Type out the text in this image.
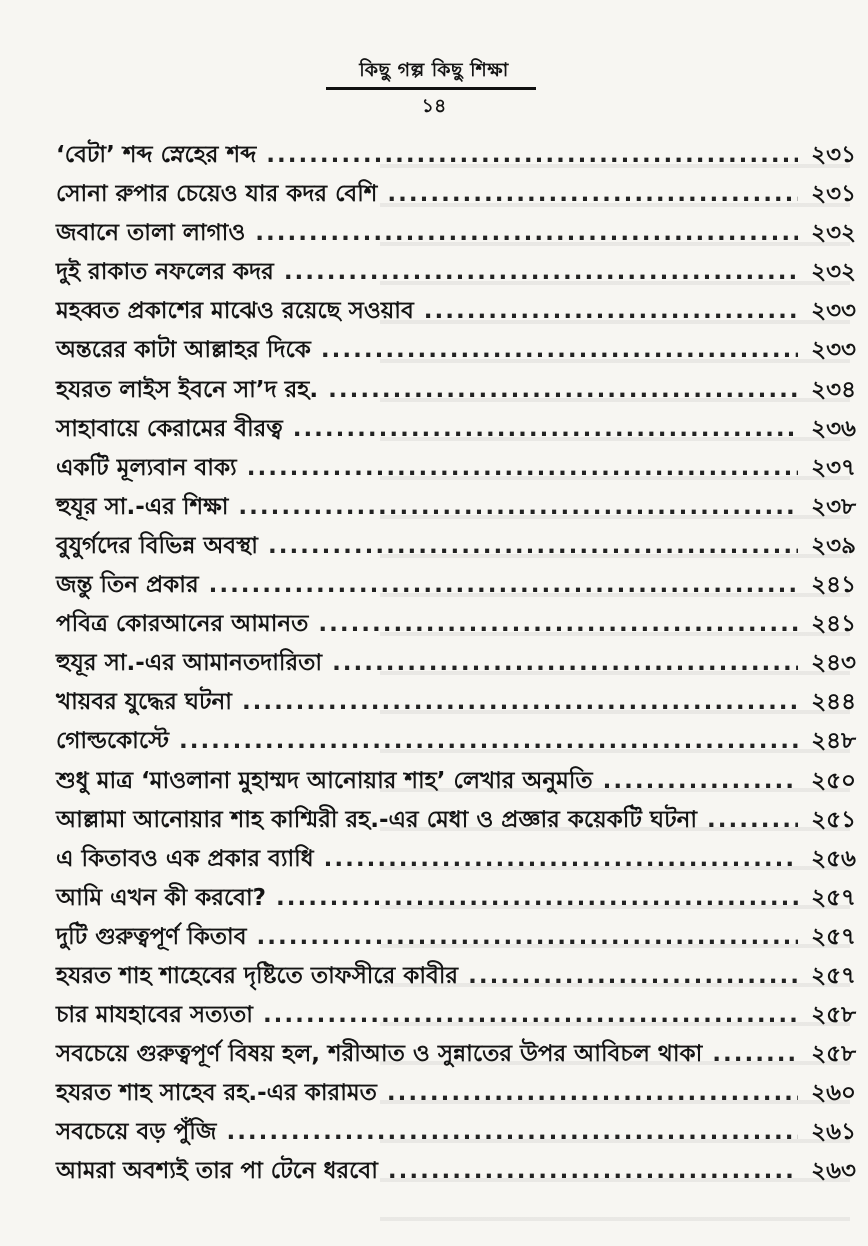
কিছু গল্প কিছু শিক্ষা
১৪
‘বেটা’ শব্দ স্নেহের শব্দ .....	২৩১
সোনা রুপার চেয়েও যার কদর বেশি .....	২৩১
জবানে তালা লাগাও .....	২৩২
দুই রাকাত নফলের কদর .....	২৩২
মহব্বত প্রকাশের মাঝেও রয়েছে সওয়াব .....	২৩৩
অন্তরের কাটা আল্লাহর দিকে .....	২৩৩
হযরত লাইস ইবনে সা’দ রহ. .....	২৩৪
সাহাবায়ে কেরামের বীরত্ব .....	২৩৬
একটি মূল্যবান বাক্য .....	২৩৭
হুযূর সা.-এর শিক্ষা .....	২৩৮
বুযুর্গদের বিভিন্ন অবস্থা .....	২৩৯
জন্তু তিন প্রকার .....	২৪১
পবিত্র কোরআনের আমানত .....	২৪১
হুযূর সা.-এর আমানতদারিতা .....	২৪৩
খায়বর যুদ্ধের ঘটনা .....	২৪৪
গোল্ডকোস্টে .....	২৪৮
শুধু মাত্র ‘মাওলানা মুহাম্মদ আনোয়ার শাহ’ লেখার অনুমতি .....	২৫০
আল্লামা আনোয়ার শাহ কাশ্মিরী রহ.-এর মেধা ও প্রজ্ঞার কয়েকটি ঘটনা .....	২৫১
এ কিতাবও এক প্রকার ব্যাধি .....	২৫৬
আমি এখন কী করবো? .....	২৫৭
দুটি গুরুত্বপূর্ণ কিতাব .....	২৫৭
হযরত শাহ শাহেবের দৃষ্টিতে তাফসীরে কাবীর .....	২৫৭
চার মাযহাবের সত্যতা .....	২৫৮
সবচেয়ে গুরুত্বপূর্ণ বিষয় হল, শরীআত ও সুন্নাতের উপর আবিচল থাকা .....	২৫৮
হযরত শাহ সাহেব রহ.-এর কারামত .....	২৬০
সবচেয়ে বড় পুঁজি .....	২৬১
আমরা অবশ্যই তার পা টেনে ধরবো .....	২৬৩
